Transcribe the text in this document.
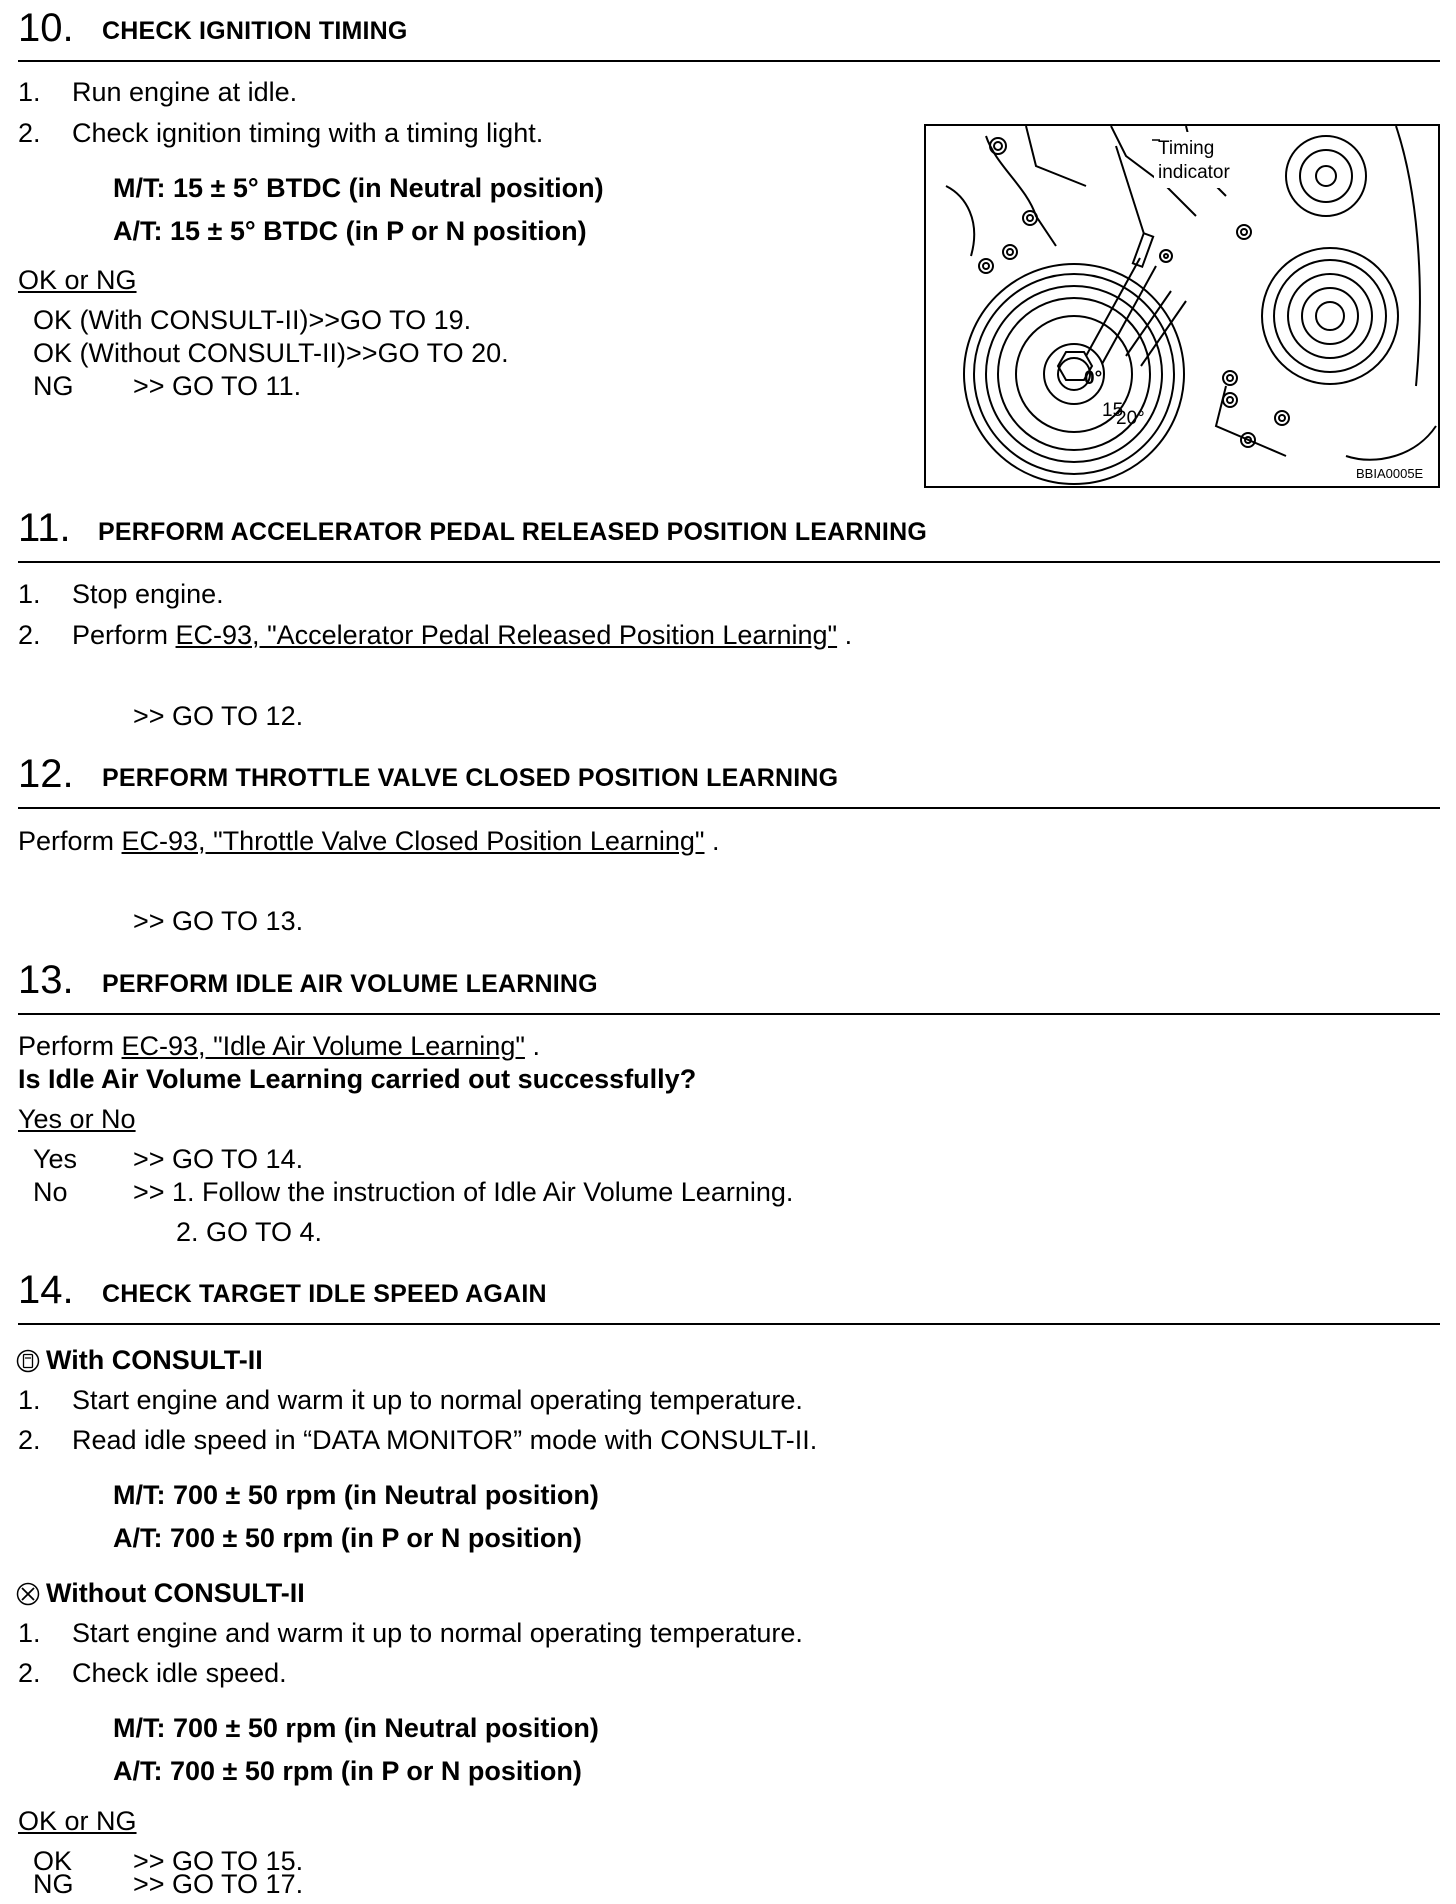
10. CHECK IGNITION TIMING
1. Run engine at idle.
2. Check ignition timing with a timing light.
M/T: 15 ± 5° BTDC (in Neutral position)
A/T: 15 ± 5° BTDC (in P or N position)
OK or NG
OK (With CONSULT-II)>>GO TO 19.
OK (Without CONSULT-II)>>GO TO 20.
NG >> GO TO 11.
Timing
indicator
0°
15
20°
BBIA0005E
11. PERFORM ACCELERATOR PEDAL RELEASED POSITION LEARNING
1. Stop engine.
2. Perform EC-93, "Accelerator Pedal Released Position Learning" .
>> GO TO 12.
12. PERFORM THROTTLE VALVE CLOSED POSITION LEARNING
Perform EC-93, "Throttle Valve Closed Position Learning" .
>> GO TO 13.
13. PERFORM IDLE AIR VOLUME LEARNING
Perform EC-93, "Idle Air Volume Learning" .
Is Idle Air Volume Learning carried out successfully?
Yes or No
Yes >> GO TO 14.
No >> 1. Follow the instruction of Idle Air Volume Learning.
2. GO TO 4.
14. CHECK TARGET IDLE SPEED AGAIN
With CONSULT-II
1. Start engine and warm it up to normal operating temperature.
2. Read idle speed in “DATA MONITOR” mode with CONSULT-II.
M/T: 700 ± 50 rpm (in Neutral position)
A/T: 700 ± 50 rpm (in P or N position)
Without CONSULT-II
1. Start engine and warm it up to normal operating temperature.
2. Check idle speed.
M/T: 700 ± 50 rpm (in Neutral position)
A/T: 700 ± 50 rpm (in P or N position)
OK or NG
OK >> GO TO 15.
NG >> GO TO 17.
